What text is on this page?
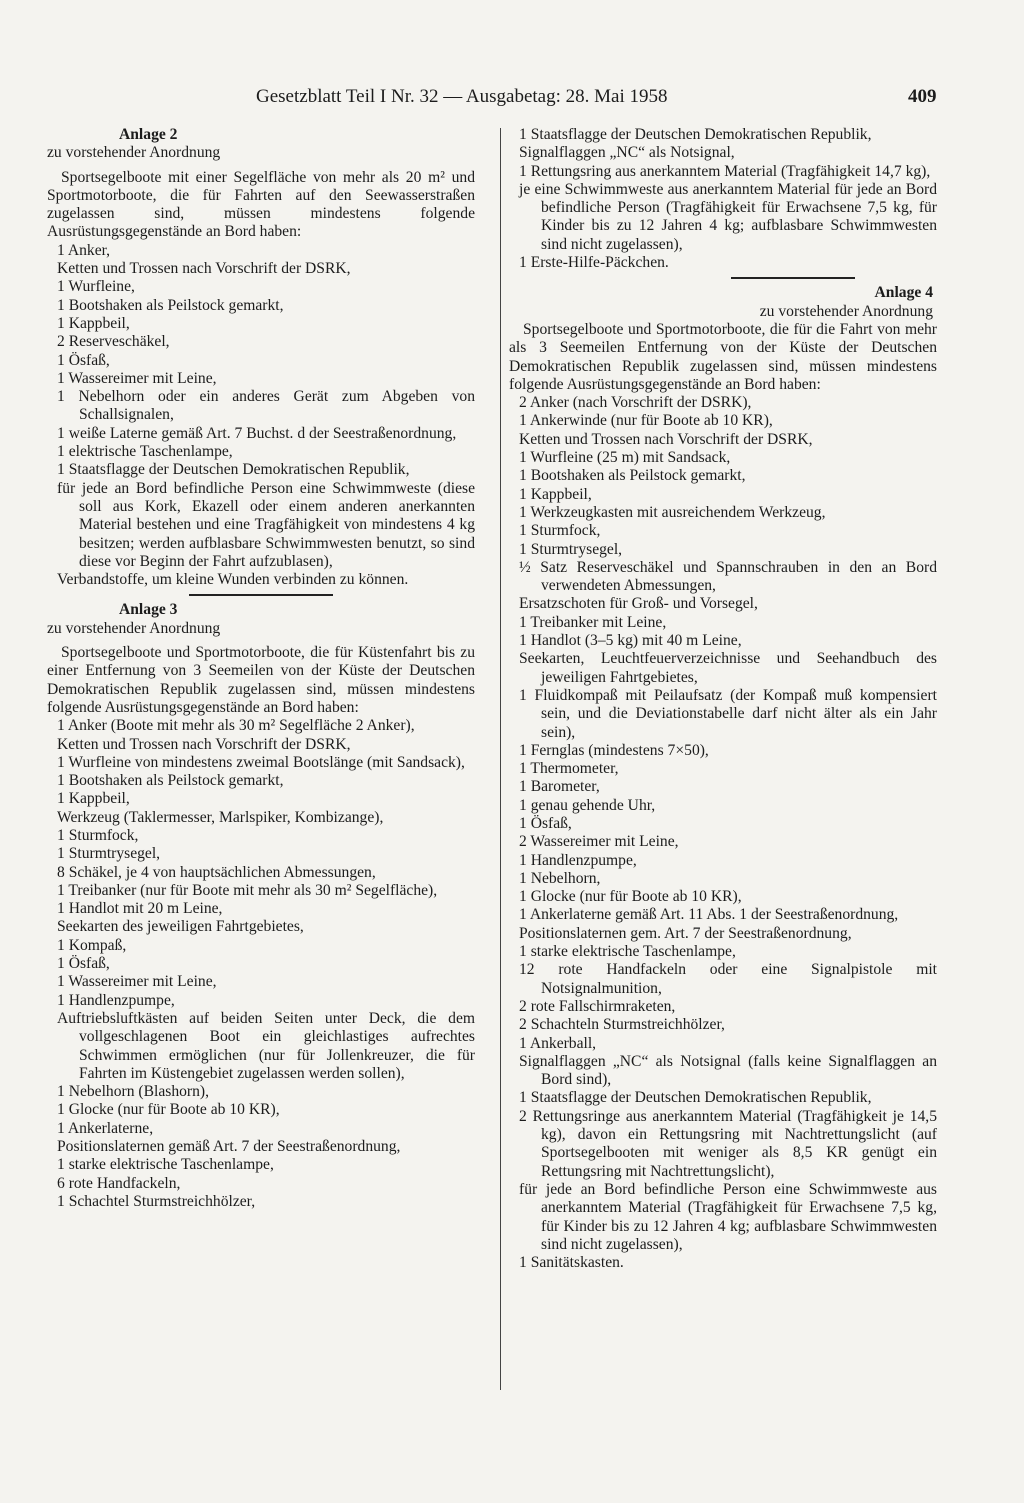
Gesetzblatt Teil I Nr. 32 — Ausgabetag: 28. Mai 1958	409
Anlage 2
zu vorstehender Anordnung
Sportsegelboote mit einer Segelfläche von mehr als 20 m² und Sportmotorboote, die für Fahrten auf den Seewasserstraßen zugelassen sind, müssen mindestens folgende Ausrüstungsgegenstände an Bord haben:
1 Anker,
Ketten und Trossen nach Vorschrift der DSRK,
1 Wurfleine,
1 Bootshaken als Peilstock gemarkt,
1 Kappbeil,
2 Reserveschäkel,
1 Ösfaß,
1 Wassereimer mit Leine,
1 Nebelhorn oder ein anderes Gerät zum Abgeben von Schallsignalen,
1 weiße Laterne gemäß Art. 7 Buchst. d der Seestraßenordnung,
1 elektrische Taschenlampe,
1 Staatsflagge der Deutschen Demokratischen Republik,
für jede an Bord befindliche Person eine Schwimmweste (diese soll aus Kork, Ekazell oder einem anderen anerkannten Material bestehen und eine Tragfähigkeit von mindestens 4 kg besitzen; werden aufblasbare Schwimmwesten benutzt, so sind diese vor Beginn der Fahrt aufzublasen),
Verbandstoffe, um kleine Wunden verbinden zu können.
Anlage 3
zu vorstehender Anordnung
Sportsegelboote und Sportmotorboote, die für Küstenfahrt bis zu einer Entfernung von 3 Seemeilen von der Küste der Deutschen Demokratischen Republik zugelassen sind, müssen mindestens folgende Ausrüstungsgegenstände an Bord haben:
1 Anker (Boote mit mehr als 30 m² Segelfläche 2 Anker),
Ketten und Trossen nach Vorschrift der DSRK,
1 Wurfleine von mindestens zweimal Bootslänge (mit Sandsack),
1 Bootshaken als Peilstock gemarkt,
1 Kappbeil,
Werkzeug (Taklermesser, Marlspiker, Kombizange),
1 Sturmfock,
1 Sturmtrysegel,
8 Schäkel, je 4 von hauptsächlichen Abmessungen,
1 Treibanker (nur für Boote mit mehr als 30 m² Segelfläche),
1 Handlot mit 20 m Leine,
Seekarten des jeweiligen Fahrtgebietes,
1 Kompaß,
1 Ösfaß,
1 Wassereimer mit Leine,
1 Handlenzpumpe,
Auftriebsluftkästen auf beiden Seiten unter Deck, die dem vollgeschlagenen Boot ein gleichlastiges aufrechtes Schwimmen ermöglichen (nur für Jollenkreuzer, die für Fahrten im Küstengebiet zugelassen werden sollen),
1 Nebelhorn (Blashorn),
1 Glocke (nur für Boote ab 10 KR),
1 Ankerlaterne,
Positionslaternen gemäß Art. 7 der Seestraßenordnung,
1 starke elektrische Taschenlampe,
6 rote Handfackeln,
1 Schachtel Sturmstreichhölzer,
1 Staatsflagge der Deutschen Demokratischen Republik,
Signalflaggen „NC“ als Notsignal,
1 Rettungsring aus anerkanntem Material (Tragfähigkeit 14,7 kg),
je eine Schwimmweste aus anerkanntem Material für jede an Bord befindliche Person (Tragfähigkeit für Erwachsene 7,5 kg, für Kinder bis zu 12 Jahren 4 kg; aufblasbare Schwimmwesten sind nicht zugelassen),
1 Erste-Hilfe-Päckchen.
Anlage 4
zu vorstehender Anordnung
Sportsegelboote und Sportmotorboote, die für die Fahrt von mehr als 3 Seemeilen Entfernung von der Küste der Deutschen Demokratischen Republik zugelassen sind, müssen mindestens folgende Ausrüstungsgegenstände an Bord haben:
2 Anker (nach Vorschrift der DSRK),
1 Ankerwinde (nur für Boote ab 10 KR),
Ketten und Trossen nach Vorschrift der DSRK,
1 Wurfleine (25 m) mit Sandsack,
1 Bootshaken als Peilstock gemarkt,
1 Kappbeil,
1 Werkzeugkasten mit ausreichendem Werkzeug,
1 Sturmfock,
1 Sturmtrysegel,
½ Satz Reserveschäkel und Spannschrauben in den an Bord verwendeten Abmessungen,
Ersatzschoten für Groß- und Vorsegel,
1 Treibanker mit Leine,
1 Handlot (3–5 kg) mit 40 m Leine,
Seekarten, Leuchtfeuerverzeichnisse und Seehandbuch des jeweiligen Fahrtgebietes,
1 Fluidkompaß mit Peilaufsatz (der Kompaß muß kompensiert sein, und die Deviationstabelle darf nicht älter als ein Jahr sein),
1 Fernglas (mindestens 7×50),
1 Thermometer,
1 Barometer,
1 genau gehende Uhr,
1 Ösfaß,
2 Wassereimer mit Leine,
1 Handlenzpumpe,
1 Nebelhorn,
1 Glocke (nur für Boote ab 10 KR),
1 Ankerlaterne gemäß Art. 11 Abs. 1 der Seestraßenordnung,
Positionslaternen gem. Art. 7 der Seestraßenordnung,
1 starke elektrische Taschenlampe,
12 rote Handfackeln oder eine Signalpistole mit Notsignalmunition,
2 rote Fallschirmraketen,
2 Schachteln Sturmstreichhölzer,
1 Ankerball,
Signalflaggen „NC“ als Notsignal (falls keine Signalflaggen an Bord sind),
1 Staatsflagge der Deutschen Demokratischen Republik,
2 Rettungsringe aus anerkanntem Material (Tragfähigkeit je 14,5 kg), davon ein Rettungsring mit Nachtrettungslicht (auf Sportsegelbooten mit weniger als 8,5 KR genügt ein Rettungsring mit Nachtrettungslicht),
für jede an Bord befindliche Person eine Schwimmweste aus anerkanntem Material (Tragfähigkeit für Erwachsene 7,5 kg, für Kinder bis zu 12 Jahren 4 kg; aufblasbare Schwimmwesten sind nicht zugelassen),
1 Sanitätskasten.
